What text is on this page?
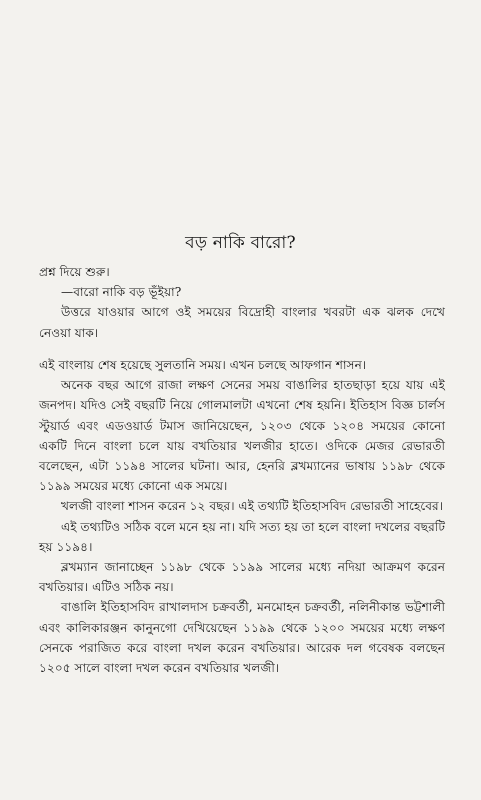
বড় নাকি বারো?

প্রশ্ন দিয়ে শুরু।

—বারো নাকি বড় ভূঁইয়া?

উত্তরে যাওয়ার আগে ওই সময়ের বিদ্রোহী বাংলার খবরটা এক ঝলক দেখে নেওয়া যাক।

এই বাংলায় শেষ হয়েছে সুলতানি সময়। এখন চলছে আফগান শাসন।

অনেক বছর আগে রাজা লক্ষণ সেনের সময় বাঙালির হাতছাড়া হয়ে যায় এই জনপদ। যদিও সেই বছরটি নিয়ে গোলমালটা এখনো শেষ হয়নি। ইতিহাস বিজ্ঞ চার্লস স্টুয়ার্ড এবং এডওয়ার্ড টমাস জানিয়েছেন, ১২০৩ থেকে ১২০৪ সময়ের কোনো একটি দিনে বাংলা চলে যায় বখতিয়ার খলজীর হাতে। ওদিকে মেজর রেভারতী বলেছেন, এটা ১১৯৪ সালের ঘটনা। আর, হেনরি ব্লখম্যানের ভাষায় ১১৯৮ থেকে ১১৯৯ সময়ের মধ্যে কোনো এক সময়ে।

খলজী বাংলা শাসন করেন ১২ বছর। এই তথ্যটি ইতিহাসবিদ রেভারতী সাহেবের।

এই তথ্যটিও সঠিক বলে মনে হয় না। যদি সত্য হয় তা হলে বাংলা দখলের বছরটি হয় ১১৯৪।

ব্লখম্যান জানাচ্ছেন ১১৯৮ থেকে ১১৯৯ সালের মধ্যে নদিয়া আক্রমণ করেন বখতিয়ার। এটিও সঠিক নয়।

বাঙালি ইতিহাসবিদ রাখালদাস চক্রবর্তী, মনমোহন চক্রবর্তী, নলিনীকান্ত ভট্টশালী এবং কালিকারঞ্জন কানুনগো দেখিয়েছেন ১১৯৯ থেকে ১২০০ সময়ের মধ্যে লক্ষণ সেনকে পরাজিত করে বাংলা দখল করেন বখতিয়ার। আরেক দল গবেষক বলছেন ১২০৫ সালে বাংলা দখল করেন বখতিয়ার খলজী।
